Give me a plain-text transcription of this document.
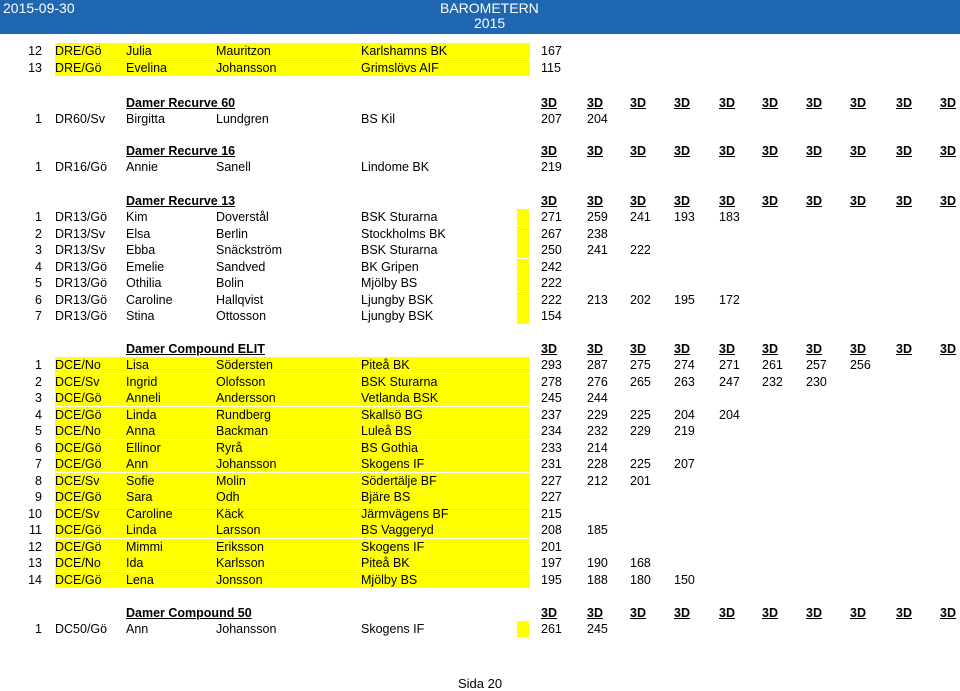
2015-09-30	BAROMETERN
2015
12 DRE/Gö Julia	Mauritzon	Karlshamns BK	167
13 DRE/Gö Evelina	Johansson	Grimslövs AIF	115
Damer Recurve 60	3D 3D 3D 3D 3D 3D 3D 3D 3D 3D
1 DR60/Sv Birgitta	Lundgren	BS Kil	207 204
Damer Recurve 16	3D 3D 3D 3D 3D 3D 3D 3D 3D 3D
1 DR16/Gö Annie	Sanell	Lindome BK	219
Damer Recurve 13	3D 3D 3D 3D 3D 3D 3D 3D 3D 3D
1 DR13/Gö Kim	Doverstål	BSK Sturarna	271 259 241 193 183
2 DR13/Sv Elsa	Berlin	Stockholms BK	267 238
3 DR13/Sv Ebba	Snäckström	BSK Sturarna	250 241 222
4 DR13/Gö Emelie	Sandved	BK Gripen	242
5 DR13/Gö Othilia	Bolin	Mjölby BS	222
6 DR13/Gö Caroline	Hallqvist	Ljungby BSK	222 213 202 195 172
7 DR13/Gö Stina	Ottosson	Ljungby BSK	154
Damer Compound ELIT	3D 3D 3D 3D 3D 3D 3D 3D 3D 3D
1 DCE/No Lisa	Södersten	Piteå BK	293 287 275 274 271 261 257 256
2 DCE/Sv Ingrid	Olofsson	BSK Sturarna	278 276 265 263 247 232 230
3 DCE/Gö Anneli	Andersson	Vetlanda BSK	245 244
4 DCE/Gö Linda	Rundberg	Skallsö BG	237 229 225 204 204
5 DCE/No Anna	Backman	Luleå BS	234 232 229 219
6 DCE/Gö Ellinor	Ryrå	BS Gothia	233 214
7 DCE/Gö Ann	Johansson	Skogens IF	231 228 225 207
8 DCE/Sv Sofie	Molin	Södertälje BF	227 212 201
9 DCE/Gö Sara	Odh	Bjäre BS	227
10 DCE/Sv Caroline	Käck	Järmvägens BF	215
11 DCE/Gö Linda	Larsson	BS Vaggeryd	208 185
12 DCE/Gö Mimmi	Eriksson	Skogens IF	201
13 DCE/No Ida	Karlsson	Piteå BK	197 190 168
14 DCE/Gö Lena	Jonsson	Mjölby BS	195 188 180 150
Damer Compound 50	3D 3D 3D 3D 3D 3D 3D 3D 3D 3D
1 DC50/Gö Ann	Johansson	Skogens IF	261 245
Sida 20
